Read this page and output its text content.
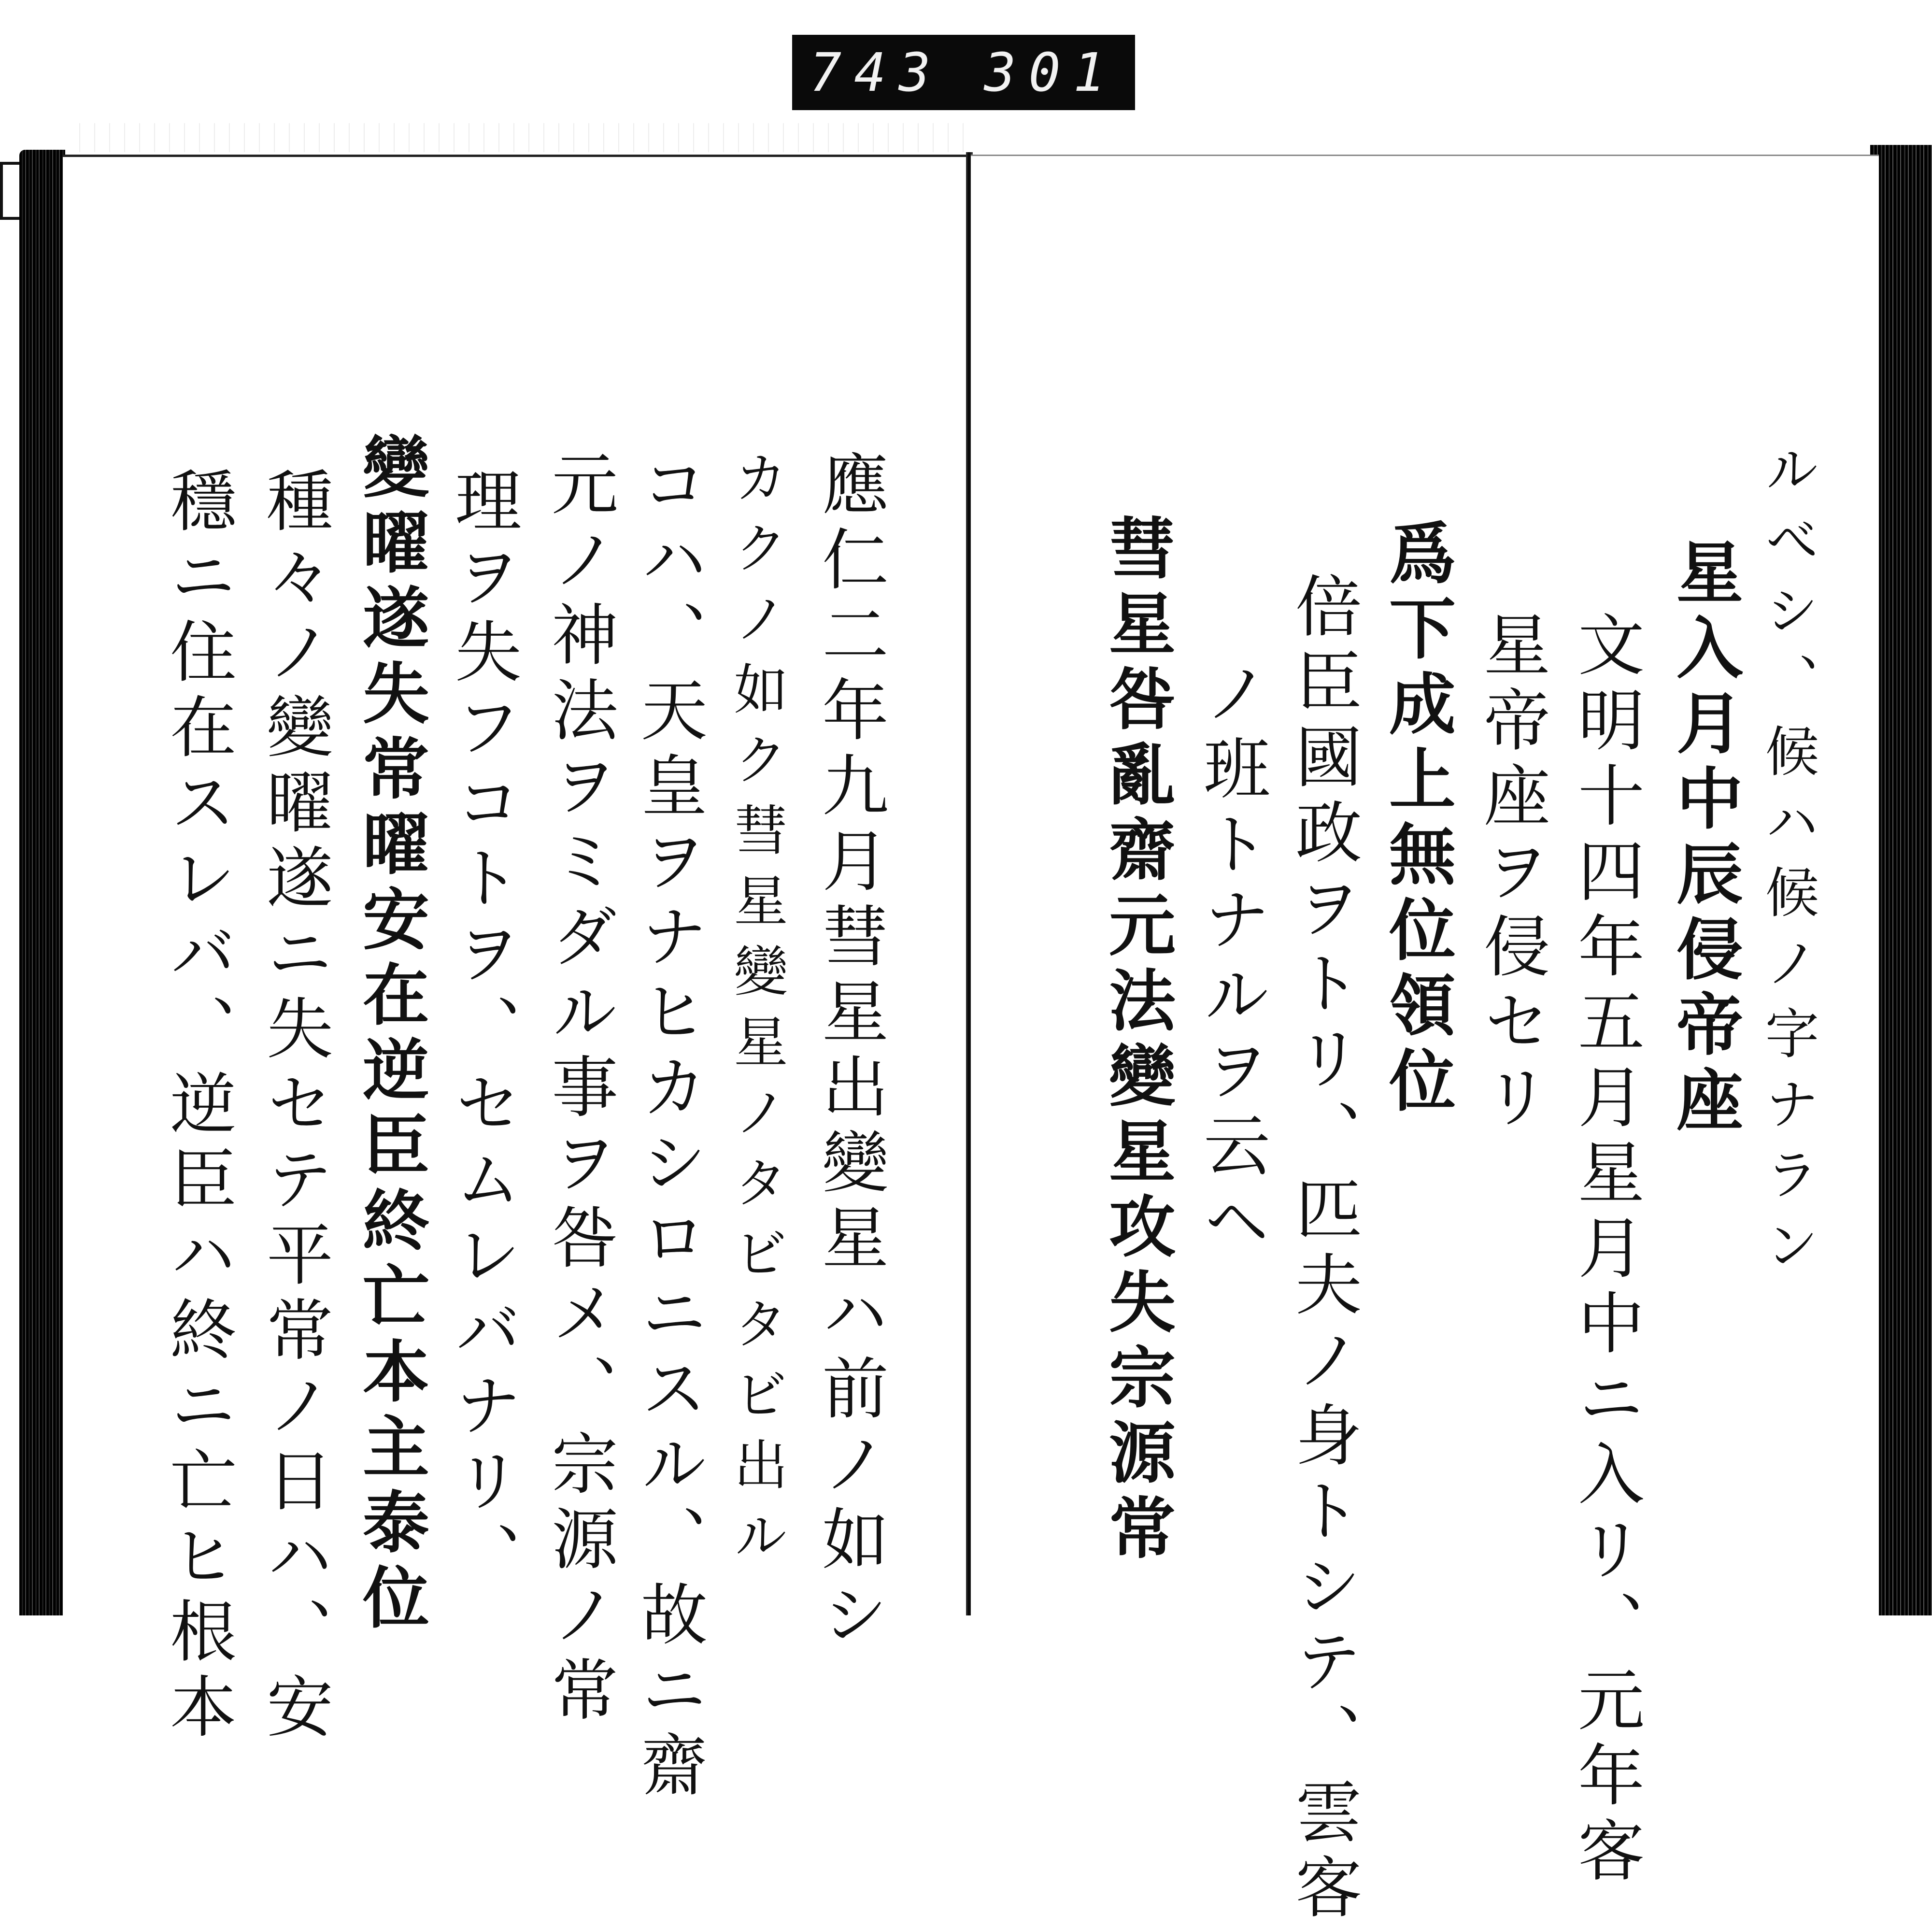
743 301
應仁二年九月彗星出變星ハ前ノ如シ
カクノ如ク彗星變星ノタビタビ出ル
コハ、天皇ヲナヒカシロニスル、故ニ齋
元ノ神法ヲミダル事ヲ咎メ、宗源ノ常
理ヲ失フコトヲ、セムレバナリ、
變曜遂失常曜安在逆臣終亡本主泰位
種々ノ變曜遂ニ失セテ平常ノ日ハ、安
穩ニ住在スレバ、逆臣ハ終ニ亡ヒ根本	ルべシ、候ハ候ノ字ナラン
星入月中辰侵帝座
文明十四年五月星月中ニ入リ、元年客
星帝座ヲ侵セリ
爲下成上無位領位
倍臣國政ヲトリ、匹夫ノ身トシテ、雲客
ノ班トナルヲ云ヘ
彗星咎亂齋元法變星攻失宗源常
